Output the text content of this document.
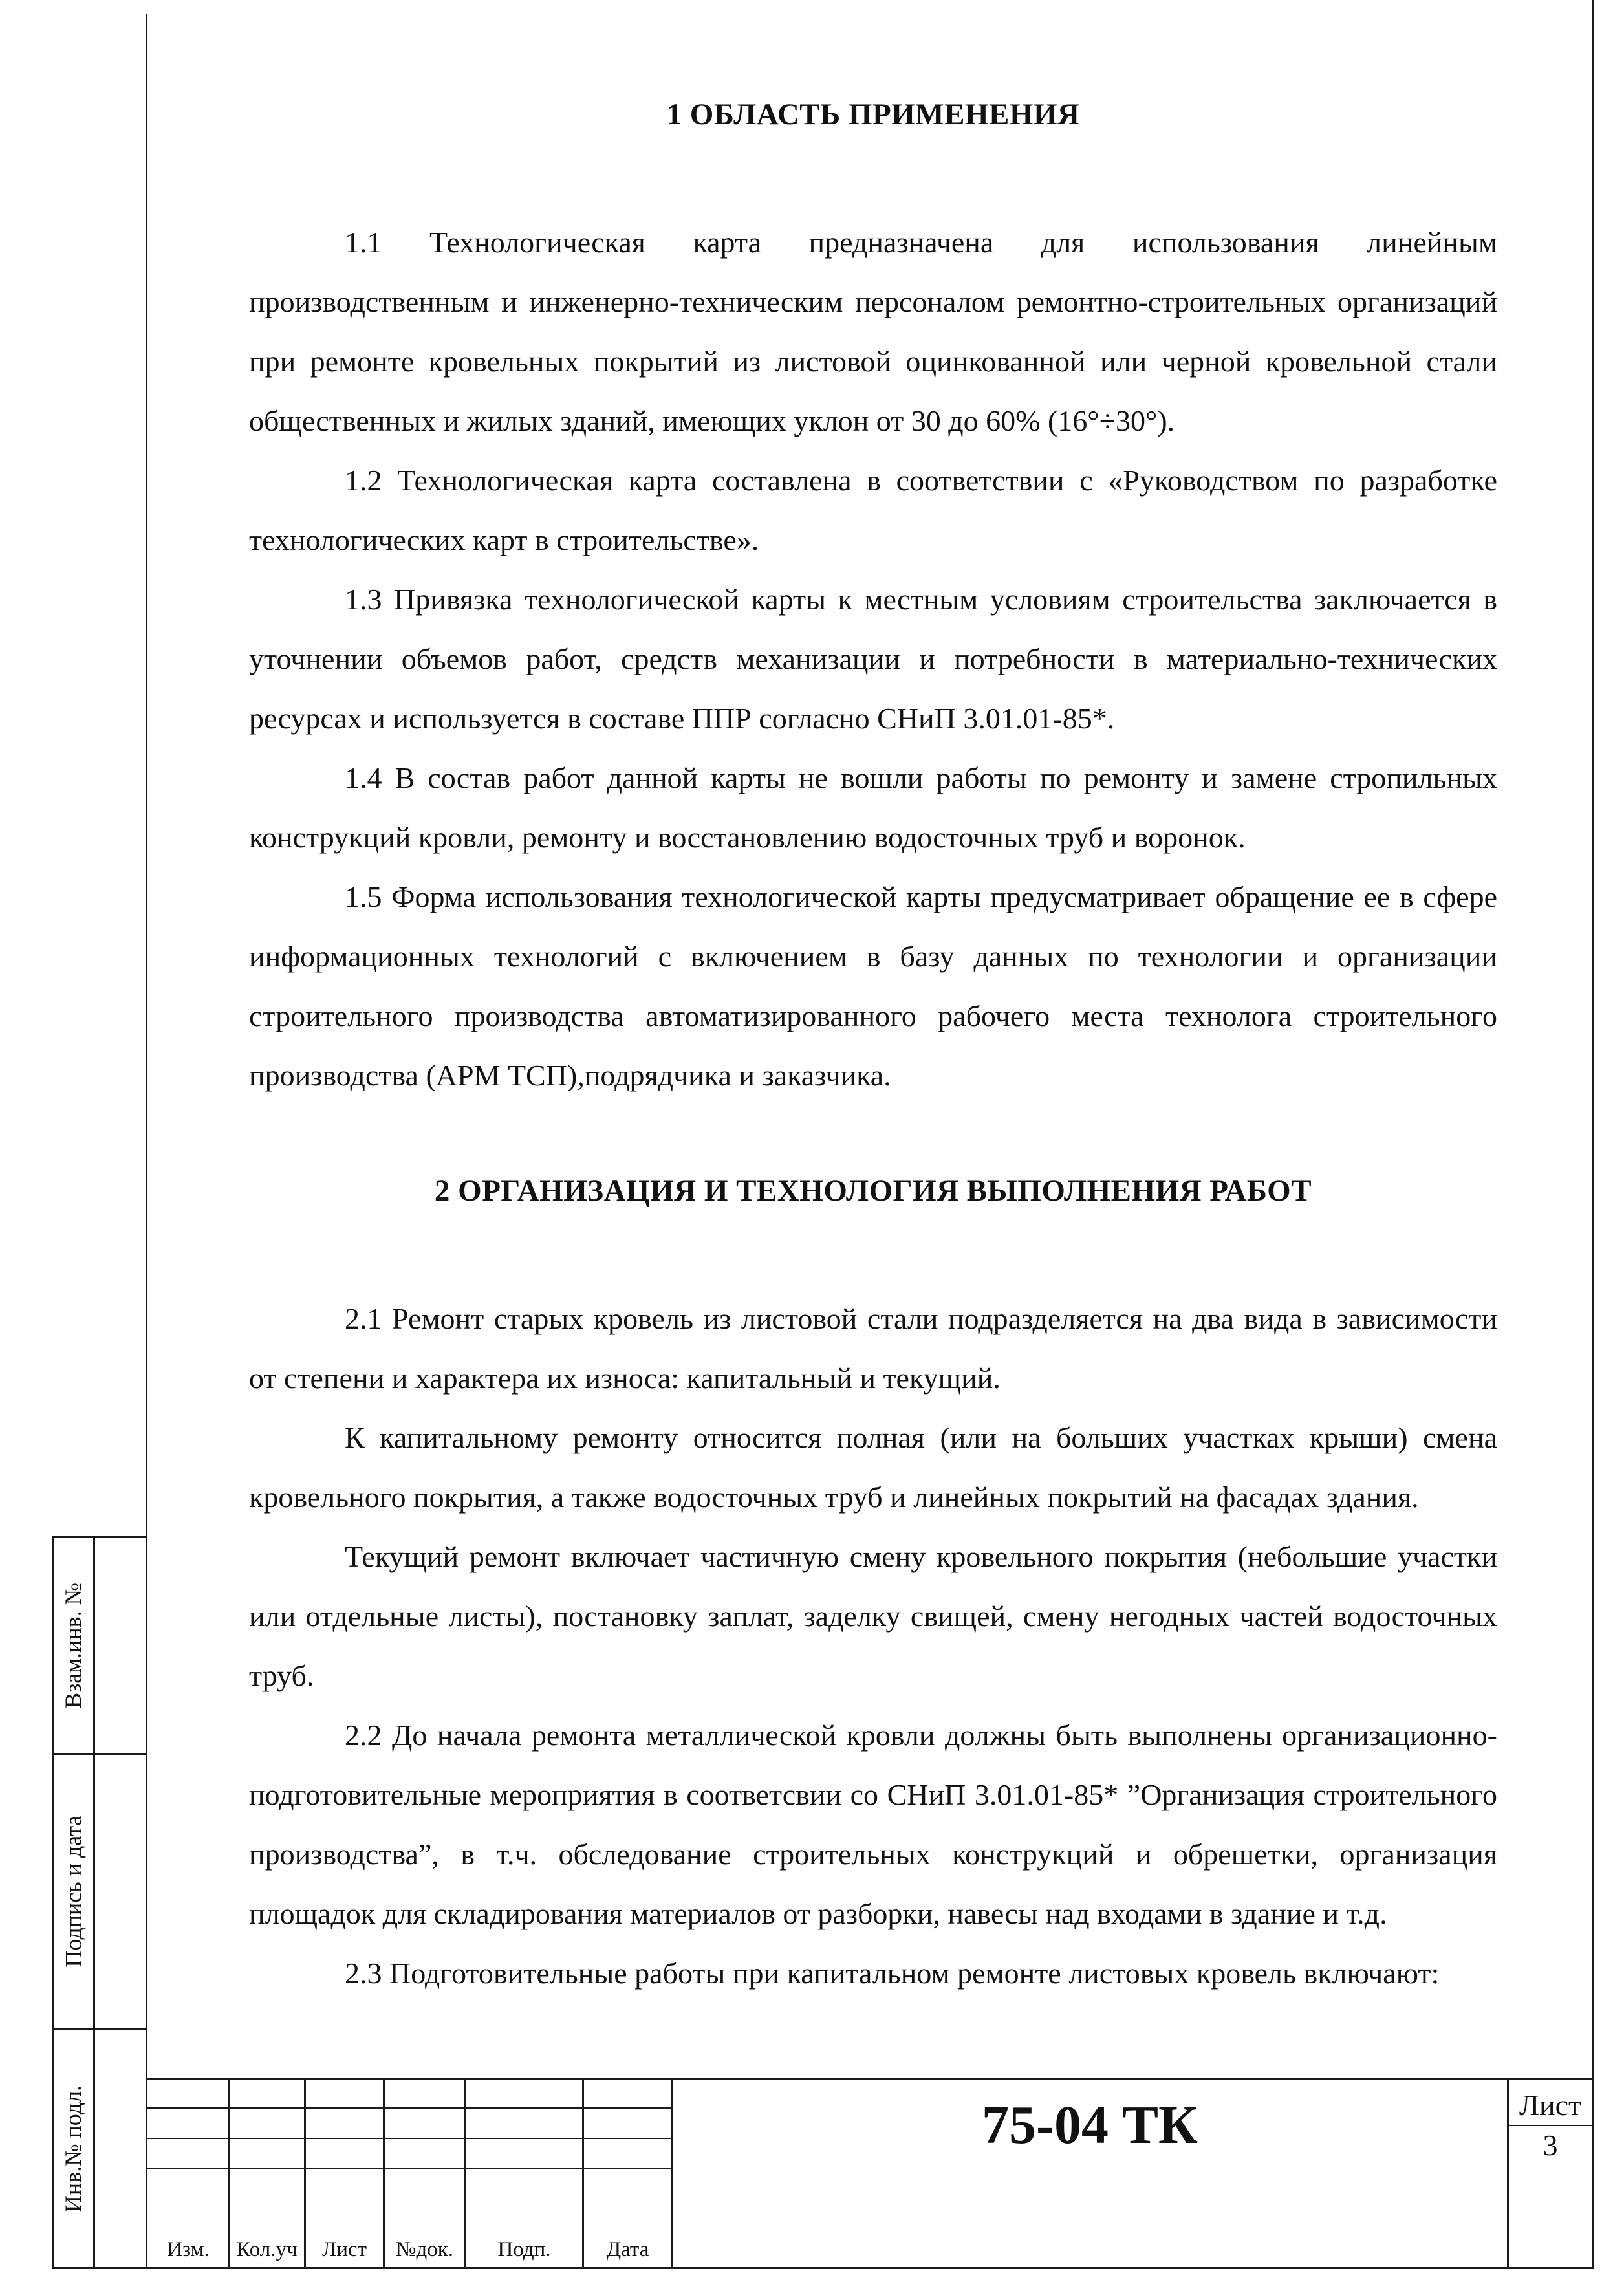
Взам.инв. №
Подпись и дата
Инв.№ подл.
1 ОБЛАСТЬ ПРИМЕНЕНИЯ

1.1 Технологическая карта предназначена для использования линейным производственным и инженерно-техническим персоналом ремонтно-строительных организаций при ремонте кровельных покрытий из листовой оцинкованной или черной кровельной стали общественных и жилых зданий, имеющих уклон от 30 до 60% (16°÷30°).

1.2 Технологическая карта составлена в соответствии с «Руководством по разработке технологических карт в строительстве».

1.3 Привязка технологической карты к местным условиям строительства заключается в уточнении объемов работ, средств механизации и потребности в материально-технических ресурсах и используется в составе ППР согласно СНиП 3.01.01-85*.

1.4 В состав работ данной карты не вошли работы по ремонту и замене стропильных конструкций кровли, ремонту и восстановлению водосточных труб и воронок.

1.5 Форма использования технологической карты предусматривает обращение ее в сфере информационных технологий с включением в базу данных по технологии и организации строительного производства автоматизированного рабочего места технолога строительного производства (АРМ ТСП),подрядчика и заказчика.

2 ОРГАНИЗАЦИЯ И ТЕХНОЛОГИЯ ВЫПОЛНЕНИЯ РАБОТ

2.1 Ремонт старых кровель из листовой стали подразделяется на два вида в зависимости от степени и характера их износа: капитальный и текущий.

К капитальному ремонту относится полная (или на больших участках крыши) смена кровельного покрытия, а также водосточных труб и линейных покрытий на фасадах здания.

Текущий ремонт включает частичную смену кровельного покрытия (небольшие участки или отдельные листы), постановку заплат, заделку свищей, смену негодных частей водосточных труб.

2.2 До начала ремонта металлической кровли должны быть выполнены организационно-подготовительные мероприятия в соответсвии со СНиП 3.01.01-85* ”Организация строительного производства”, в т.ч. обследование строительных конструкций и обрешетки, организация площадок для складирования материалов от разборки, навесы над входами в здание и т.д.

2.3 Подготовительные работы при капитальном ремонте листовых кровель включают:

Изм.	Кол.уч	Лист	№док.	Подп.	Дата
75-04 ТК	Лист
3
